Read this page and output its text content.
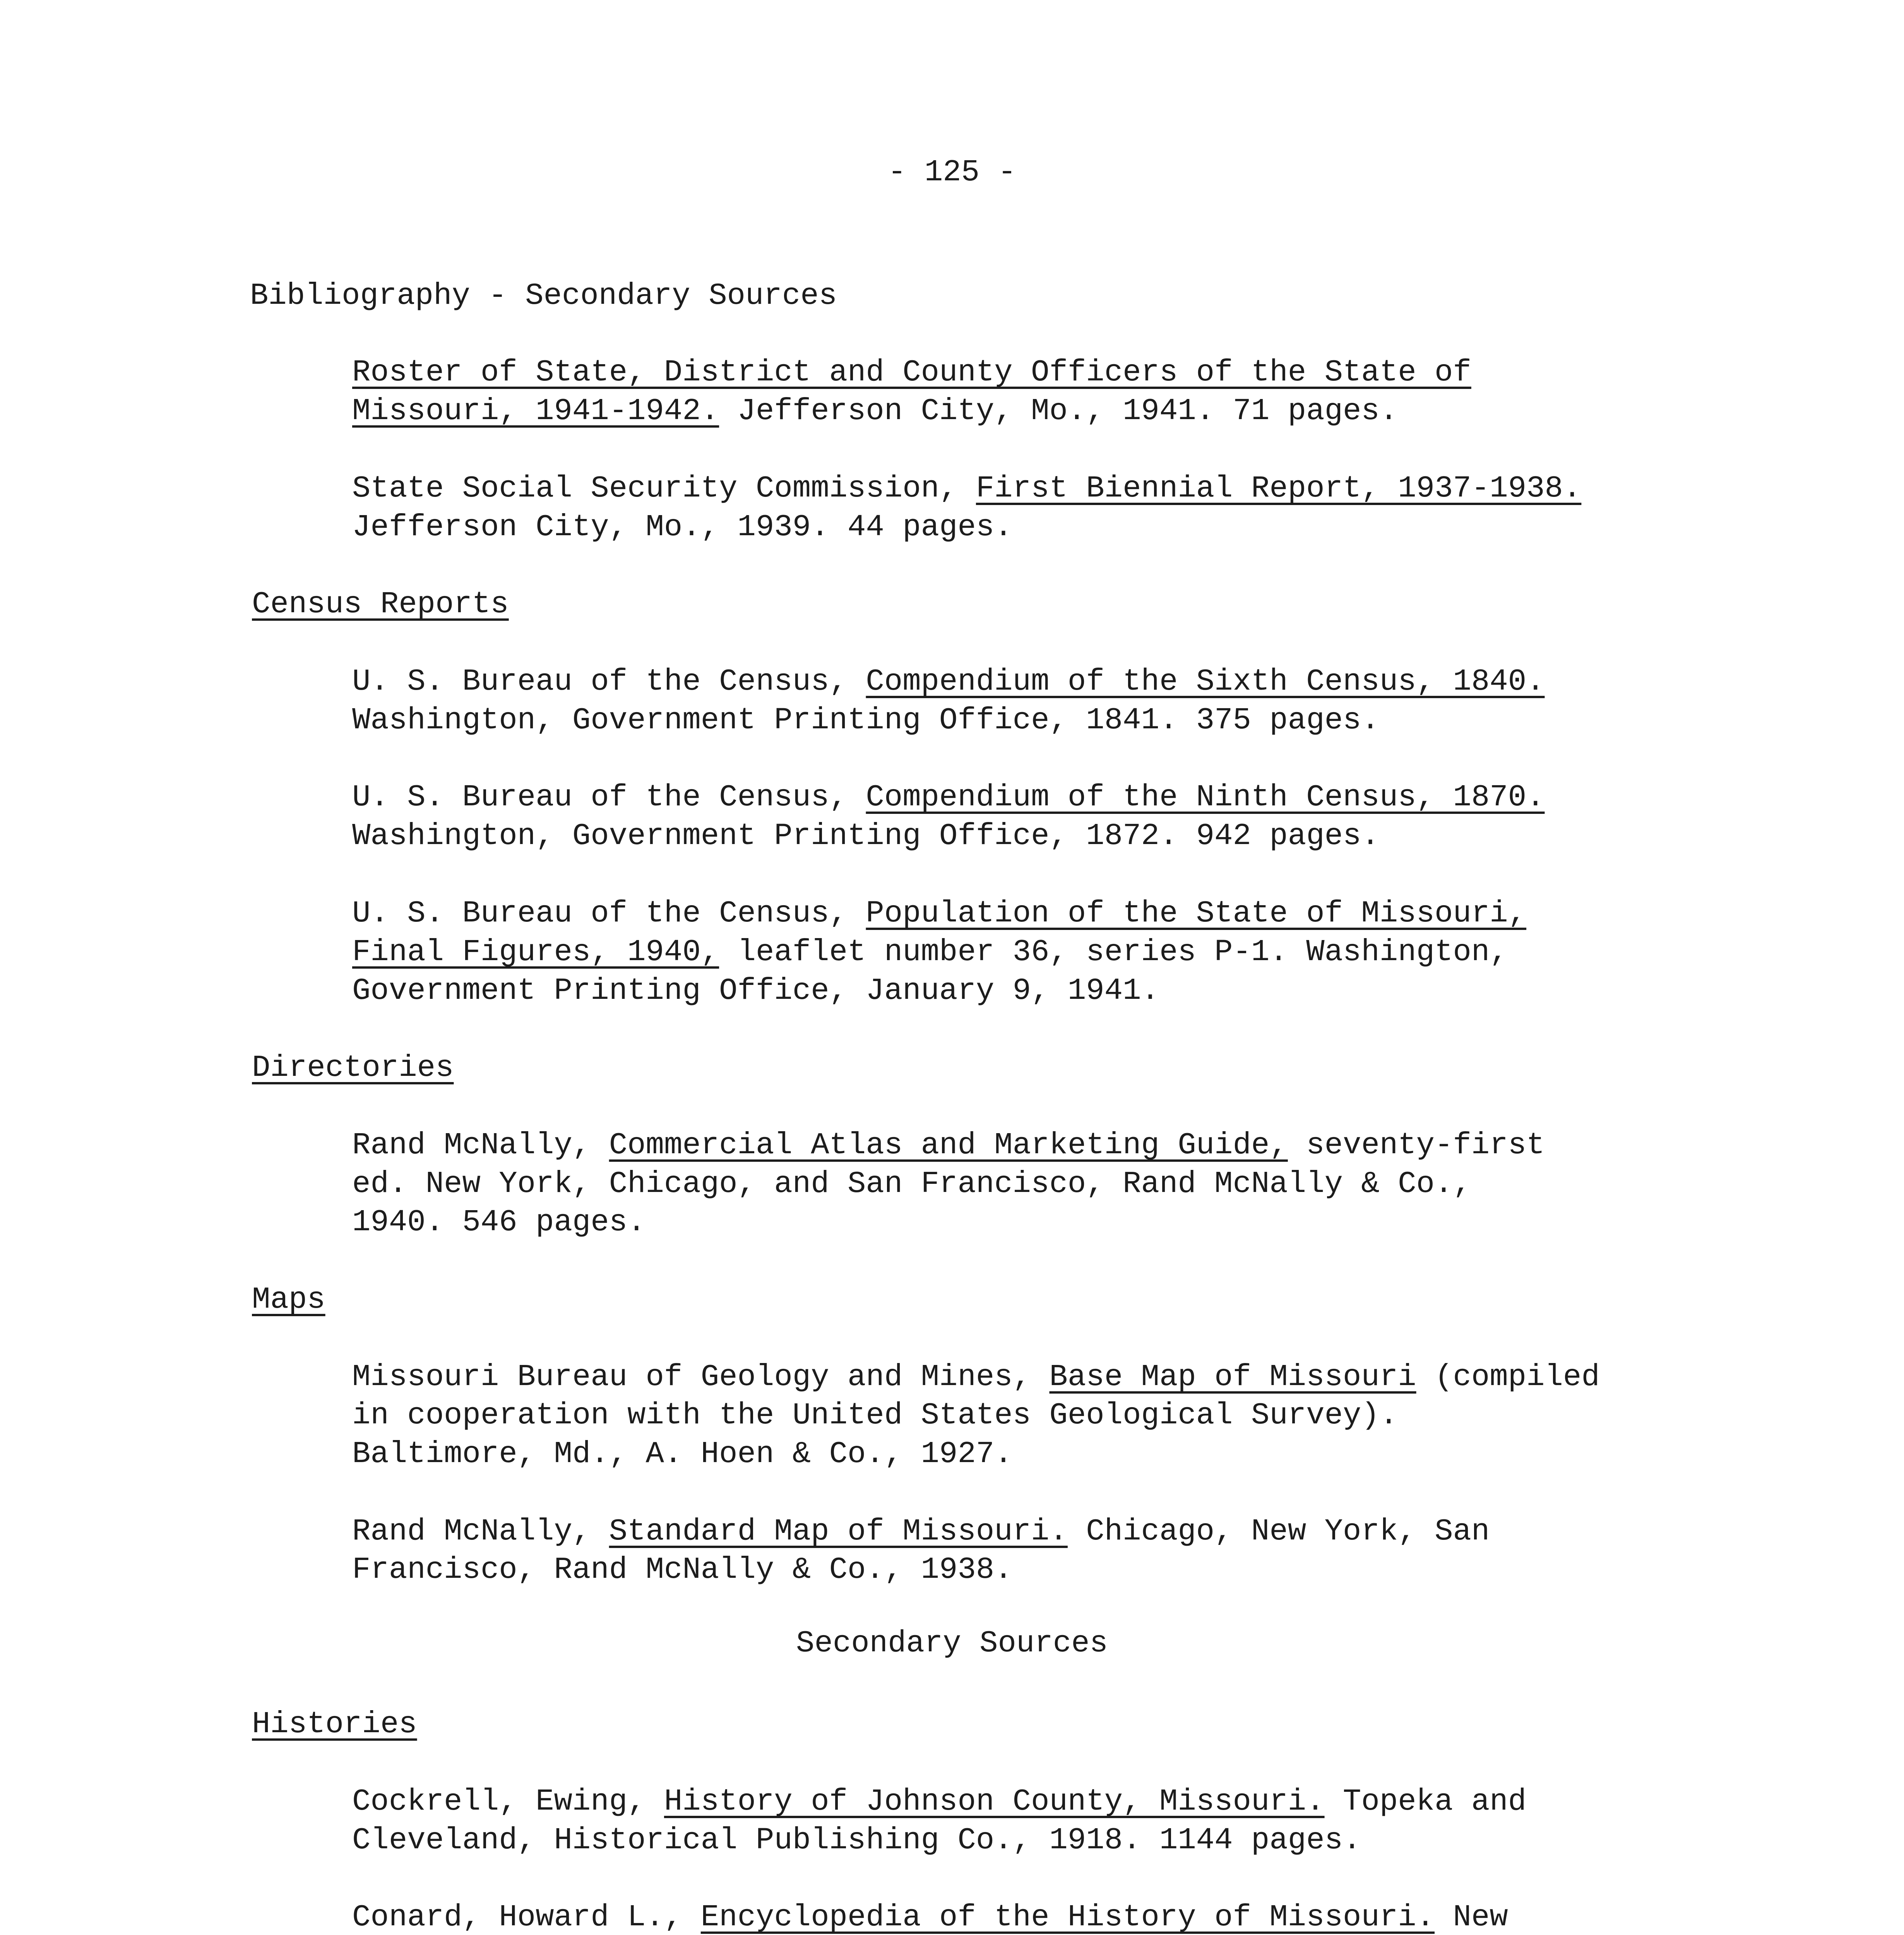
- 125 -
Bibliography - Secondary Sources
Roster of State, District and County Officers of the State of
Missouri, 1941-1942. Jefferson City, Mo., 1941. 71 pages.
State Social Security Commission, First Biennial Report, 1937-1938.
Jefferson City, Mo., 1939. 44 pages.
Census Reports
U. S. Bureau of the Census, Compendium of the Sixth Census, 1840.
Washington, Government Printing Office, 1841. 375 pages.
U. S. Bureau of the Census, Compendium of the Ninth Census, 1870.
Washington, Government Printing Office, 1872. 942 pages.
U. S. Bureau of the Census, Population of the State of Missouri,
Final Figures, 1940, leaflet number 36, series P-1. Washington,
Government Printing Office, January 9, 1941.
Directories
Rand McNally, Commercial Atlas and Marketing Guide, seventy-first
ed. New York, Chicago, and San Francisco, Rand McNally & Co.,
1940. 546 pages.
Maps
Missouri Bureau of Geology and Mines, Base Map of Missouri (compiled
in cooperation with the United States Geological Survey).
Baltimore, Md., A. Hoen & Co., 1927.
Rand McNally, Standard Map of Missouri. Chicago, New York, San
Francisco, Rand McNally & Co., 1938.
Secondary Sources
Histories
Cockrell, Ewing, History of Johnson County, Missouri. Topeka and
Cleveland, Historical Publishing Co., 1918. 1144 pages.
Conard, Howard L., Encyclopedia of the History of Missouri. New
